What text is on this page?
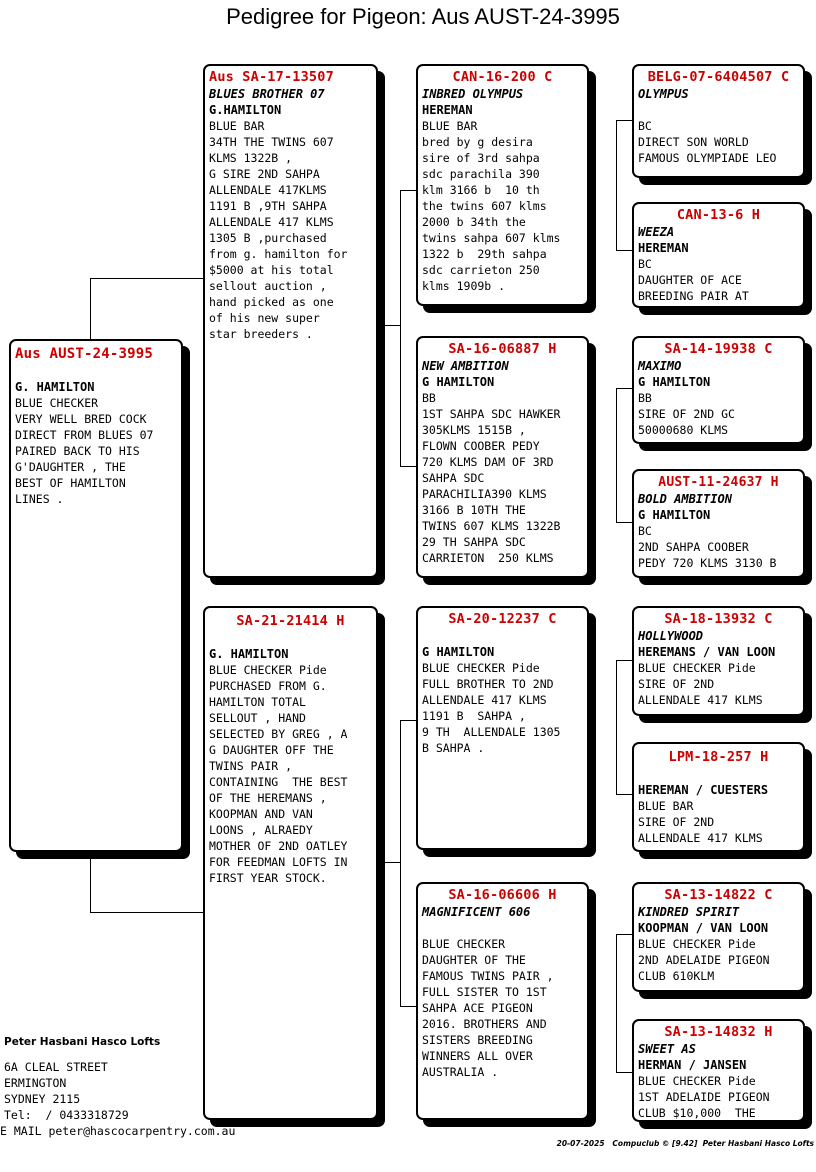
Pedigree for Pigeon: Aus AUST-24-3995
Aus AUST-24-3995
G. HAMILTON
BLUE CHECKER
VERY WELL BRED COCK
DIRECT FROM BLUES 07
PAIRED BACK TO HIS
G'DAUGHTER , THE
BEST OF HAMILTON
LINES .
Aus SA-17-13507
BLUES BROTHER 07
G.HAMILTON
BLUE BAR
34TH THE TWINS 607
KLMS 1322B ,
G SIRE 2ND SAHPA
ALLENDALE 417KLMS
1191 B ,9TH SAHPA
ALLENDALE 417 KLMS
1305 B ,purchased
from g. hamilton for
$5000 at his total
sellout auction ,
hand picked as one
of his new super
star breeders .
SA-21-21414 H
G. HAMILTON
BLUE CHECKER Pide
PURCHASED FROM G.
HAMILTON TOTAL
SELLOUT , HAND
SELECTED BY GREG , A
G DAUGHTER OFF THE
TWINS PAIR ,
CONTAINING  THE BEST
OF THE HEREMANS ,
KOOPMAN AND VAN
LOONS , ALRAEDY
MOTHER OF 2ND OATLEY
FOR FEEDMAN LOFTS IN
FIRST YEAR STOCK.
CAN-16-200 C
INBRED OLYMPUS
HEREMAN
BLUE BAR
bred by g desira
sire of 3rd sahpa
sdc parachila 390
klm 3166 b  10 th
the twins 607 klms
2000 b 34th the
twins sahpa 607 klms
1322 b  29th sahpa
sdc carrieton 250
klms 1909b .
SA-16-06887 H
NEW AMBITION
G HAMILTON
BB
1ST SAHPA SDC HAWKER
305KLMS 1515B ,
FLOWN COOBER PEDY
720 KLMS DAM OF 3RD
SAHPA SDC
PARACHILIA390 KLMS
3166 B 10TH THE
TWINS 607 KLMS 1322B
29 TH SAHPA SDC
CARRIETON  250 KLMS
SA-20-12237 C
G HAMILTON
BLUE CHECKER Pide
FULL BROTHER TO 2ND
ALLENDALE 417 KLMS
1191 B  SAHPA ,
9 TH  ALLENDALE 1305
B SAHPA .
SA-16-06606 H
MAGNIFICENT 606
BLUE CHECKER
DAUGHTER OF THE
FAMOUS TWINS PAIR ,
FULL SISTER TO 1ST
SAHPA ACE PIGEON
2016. BROTHERS AND
SISTERS BREEDING
WINNERS ALL OVER
AUSTRALIA .
BELG-07-6404507 C
OLYMPUS
BC
DIRECT SON WORLD
FAMOUS OLYMPIADE LEO
CAN-13-6 H
WEEZA
HEREMAN
BC
DAUGHTER OF ACE
BREEDING PAIR AT
SA-14-19938 C
MAXIMO
G HAMILTON
BB
SIRE OF 2ND GC
50000680 KLMS
AUST-11-24637 H
BOLD AMBITION
G HAMILTON
BC
2ND SAHPA COOBER
PEDY 720 KLMS 3130 B
SA-18-13932 C
HOLLYWOOD
HEREMANS / VAN LOON
BLUE CHECKER Pide
SIRE OF 2ND
ALLENDALE 417 KLMS
LPM-18-257 H
HEREMAN / CUESTERS
BLUE BAR
SIRE OF 2ND
ALLENDALE 417 KLMS
SA-13-14822 C
KINDRED SPIRIT
KOOPMAN / VAN LOON
BLUE CHECKER Pide
2ND ADELAIDE PIGEON
CLUB 610KLM
SA-13-14832 H
SWEET AS
HERMAN / JANSEN
BLUE CHECKER Pide
1ST ADELAIDE PIGEON
CLUB $10,000  THE
Peter Hasbani Hasco Lofts
6A CLEAL STREET
ERMINGTON
SYDNEY 2115
Tel:  / 0433318729
E MAIL peter@hascocarpentry.com.au
20-07-2025   Compuclub © [9.42]  Peter Hasbani Hasco Lofts
